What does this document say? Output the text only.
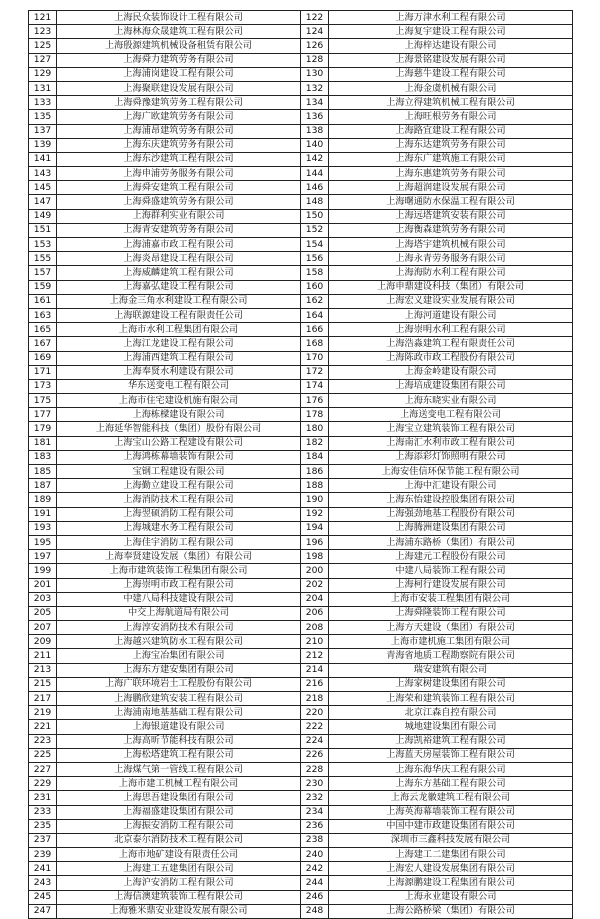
121	上海民众装饰设计工程有限公司	122	上海万津水利工程有限公司
123	上海林海众晟建筑工程有限公司	124	上海复宇建设工程有限公司
125	上海殷源建筑机械设备租赁有限公司	126	上海梓达建设有限公司
127	上海舜力建筑劳务有限公司	128	上海景铭建设发展有限公司
129	上海浦岗建设工程有限公司	130	上海慈牛建设工程有限公司
131	上海聚联建设发展有限公司	132	上海金虞机械有限公司
133	上海舜豫建筑劳务工程有限公司	134	上海立得建筑机械工程有限公司
135	上海广欧建筑劳务有限公司	136	上海旺根劳务有限公司
137	上海浦昂建筑劳务有限公司	138	上海路宜建设工程有限公司
139	上海东庆建筑劳务有限公司	140	上海东达建筑劳务有限公司
141	上海东沙建筑工程有限公司	142	上海东广建筑施工有限公司
143	上海申浦劳务服务有限公司	144	上海东惠建筑劳务有限公司
145	上海舜安建筑工程有限公司	146	上海超润建设发展有限公司
147	上海舜盛建筑劳务有限公司	148	上海曙通防水保温工程有限公司
149	上海群利实业有限公司	150	上海远塔建筑安装有限公司
151	上海青安建筑劳务有限公司	152	上海衡森建筑劳务有限公司
153	上海浦嘉市政工程有限公司	154	上海塔宇建筑机械有限公司
155	上海炎昂建设工程有限公司	156	上海永青劳务服务有限公司
157	上海威麟建筑工程有限公司	158	上海海防水利工程有限公司
159	上海嘉弘建设工程有限公司	160	上海申鼎建设科技（集团）有限公司
161	上海金三角水利建设工程有限公司	162	上海宏义建设实业发展有限公司
163	上海联源建设工程有限责任公司	164	上海河道建设有限公司
165	上海市水利工程集团有限公司	166	上海崇明水利工程有限公司
167	上海江龙建设工程有限公司	168	上海浩淼建筑工程有限责任公司
169	上海浦西建筑工程有限公司	170	上海陈政市政工程股份有限公司
171	上海奉贤水利建设有限公司	172	上海金岭建设有限公司
173	华东送变电工程有限公司	174	上海培成建设集团有限公司
175	上海市住宅建设机施有限公司	176	上海东晓实业有限公司
177	上海栋樑建设有限公司	178	上海送变电工程有限公司
179	上海延华智能科技（集团）股份有限公司	180	上海宝立建筑装饰工程有限公司
181	上海宝山公路工程建设有限公司	182	上海南汇水利市政工程有限公司
183	上海鸿栋幕墙装饰有限公司	184	上海添彩灯饰照明有限公司
185	宝钢工程建设有限公司	186	上海安佳信环保节能工程有限公司
187	上海勤立建设工程有限公司	188	上海中汇建设有限公司
189	上海消防技术工程有限公司	190	上海东怡建设控股集团有限公司
191	上海翌硕消防工程有限公司	192	上海强劲地基工程股份有限公司
193	上海城建水务工程有限公司	194	上海腾洲建设集团有限公司
195	上海佳宇消防工程有限公司	196	上海浦东路桥（集团）有限公司
197	上海奉贤建设发展（集团）有限公司	198	上海建元工程股份有限公司
199	上海市建筑装饰工程集团有限公司	200	中建八局装饰工程有限公司
201	上海崇明市政工程有限公司	202	上海柯行建设发展有限公司
203	中建八局科技建设有限公司	204	上海市安装工程集团有限公司
205	中交上海航道局有限公司	206	上海舜隆装饰工程有限公司
207	上海淳安消防技术有限公司	208	上海方天建设（集团）有限公司
209	上海越兴建筑防水工程有限公司	210	上海市建机施工集团有限公司
211	上海宝冶集团有限公司	212	青海省地质工程勘察院有限公司
213	上海东方建安集团有限公司	214	瑞安建筑有限公司
215	上海广联环境岩土工程股份有限公司	216	上海家树建设集团有限公司
217	上海鹏欣建筑安装工程有限公司	218	上海荣和建筑装饰工程有限公司
219	上海浦南地基基础工程有限公司	220	北京江森自控有限公司
221	上海银道建设有限公司	222	城地建设集团有限公司
223	上海高昕节能科技有限公司	224	上海凯裕建筑工程有限公司
225	上海松塔建筑工程有限公司	226	上海蓝天房屋装饰工程有限公司
227	上海煤气第一管线工程有限公司	228	上海东海华庆工程有限公司
229	上海市建工机械工程有限公司	230	上海东方基础工程有限公司
231	上海思吾建设集团有限公司	232	上海云龙徽建筑工程有限公司
233	上海福盛建设集团有限公司	234	上海英海幕墙装饰工程有限公司
235	上海振安消防工程有限公司	236	中国中建市政建设集团有限公司
237	北京泰尔消防技术工程有限公司	238	深圳市三鑫科技发展有限公司
239	上海市地矿建设有限责任公司	240	上海建工二建集团有限公司
241	上海建工五建集团有限公司	242	上海宏人建设发展集团有限公司
243	上海沪安消防工程有限公司	244	上海源鹏建设工程集团有限公司
245	上海信澳建筑装饰工程有限公司	246	上海永业建设有限公司
247	上海雅米鼎安业建设发展有限公司	248	上海公路桥梁（集团）有限公司
